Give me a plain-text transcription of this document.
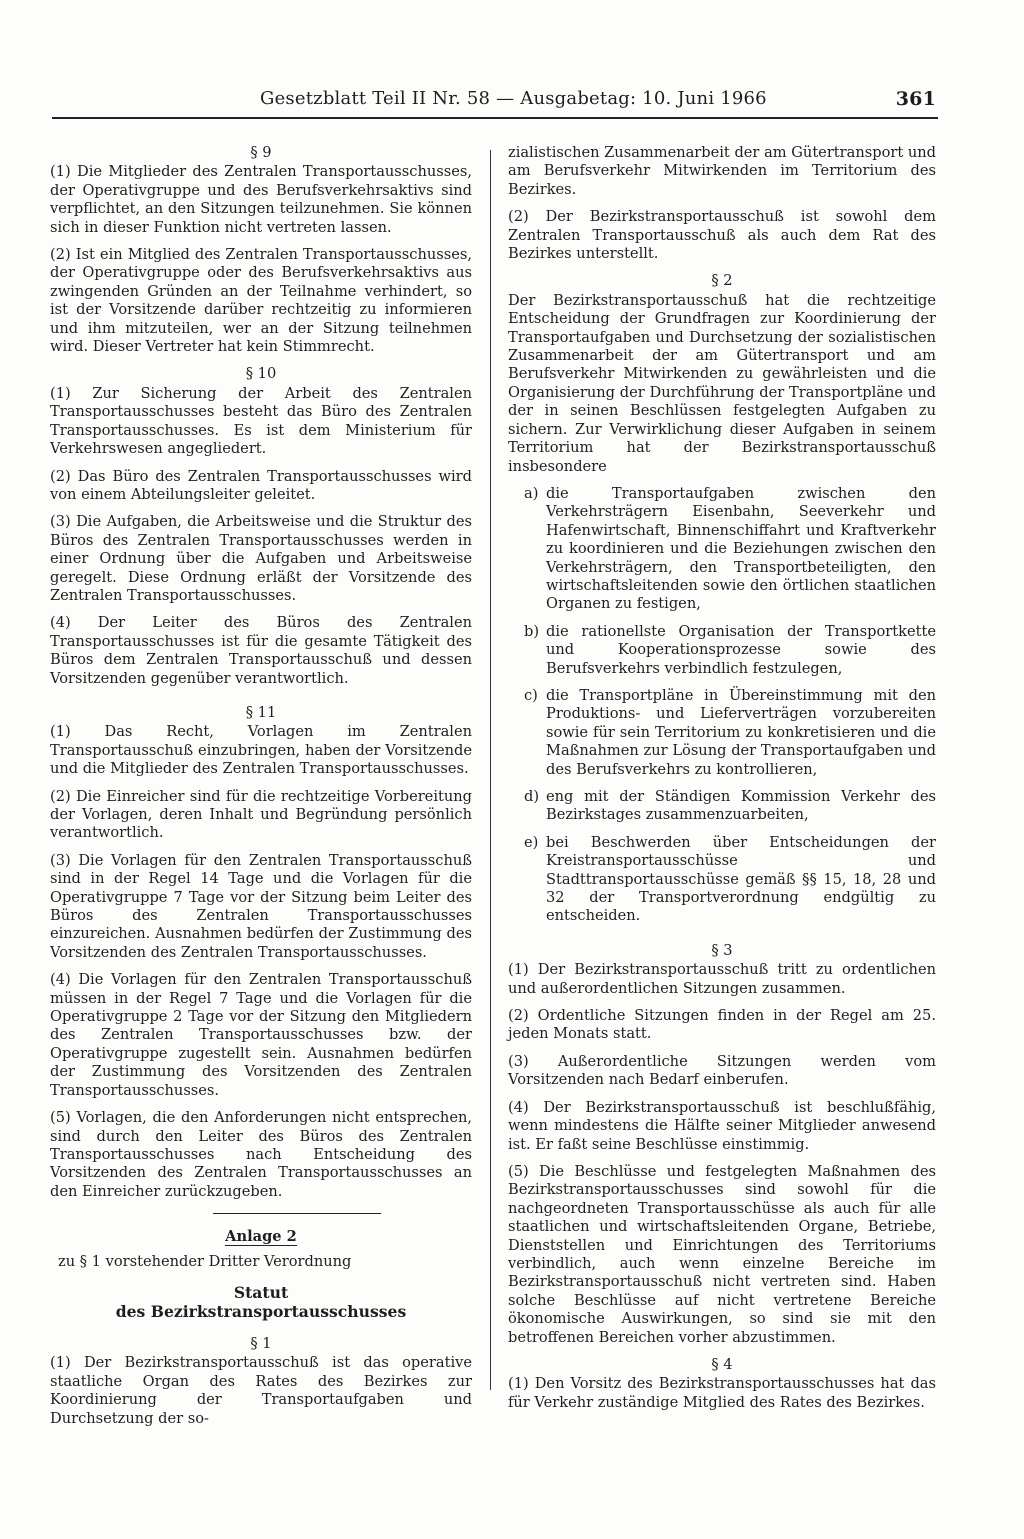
Gesetzblatt Teil II Nr. 58 — Ausgabetag: 10. Juni 1966	361
§ 9

(1) Die Mitglieder des Zentralen Transportausschusses, der Operativgruppe und des Berufsverkehrsaktivs sind verpflichtet, an den Sitzungen teilzunehmen. Sie können sich in dieser Funktion nicht vertreten lassen.

(2) Ist ein Mitglied des Zentralen Transportausschusses, der Operativgruppe oder des Berufsverkehrsaktivs aus zwingenden Gründen an der Teilnahme verhindert, so ist der Vorsitzende darüber rechtzeitig zu informieren und ihm mitzuteilen, wer an der Sitzung teilnehmen wird. Dieser Vertreter hat kein Stimmrecht.

§ 10

(1) Zur Sicherung der Arbeit des Zentralen Transportausschusses besteht das Büro des Zentralen Transportausschusses. Es ist dem Ministerium für Verkehrswesen angegliedert.

(2) Das Büro des Zentralen Transportausschusses wird von einem Abteilungsleiter geleitet.

(3) Die Aufgaben, die Arbeitsweise und die Struktur des Büros des Zentralen Transportausschusses werden in einer Ordnung über die Aufgaben und Arbeitsweise geregelt. Diese Ordnung erläßt der Vorsitzende des Zentralen Transportausschusses.

(4) Der Leiter des Büros des Zentralen Transportausschusses ist für die gesamte Tätigkeit des Büros dem Zentralen Transportausschuß und dessen Vorsitzenden gegenüber verantwortlich.

§ 11

(1) Das Recht, Vorlagen im Zentralen Transportausschuß einzubringen, haben der Vorsitzende und die Mitglieder des Zentralen Transportausschusses.

(2) Die Einreicher sind für die rechtzeitige Vorbereitung der Vorlagen, deren Inhalt und Begründung persönlich verantwortlich.

(3) Die Vorlagen für den Zentralen Transportausschuß sind in der Regel 14 Tage und die Vorlagen für die Operativgruppe 7 Tage vor der Sitzung beim Leiter des Büros des Zentralen Transportausschusses einzureichen. Ausnahmen bedürfen der Zustimmung des Vorsitzenden des Zentralen Transportausschusses.

(4) Die Vorlagen für den Zentralen Transportausschuß müssen in der Regel 7 Tage und die Vorlagen für die Operativgruppe 2 Tage vor der Sitzung den Mitgliedern des Zentralen Transportausschusses bzw. der Operativgruppe zugestellt sein. Ausnahmen bedürfen der Zustimmung des Vorsitzenden des Zentralen Transportausschusses.

(5) Vorlagen, die den Anforderungen nicht entsprechen, sind durch den Leiter des Büros des Zentralen Transportausschusses nach Entscheidung des Vorsitzenden des Zentralen Transportausschusses an den Einreicher zurückzugeben.

Anlage 2

zu § 1 vorstehender Dritter Verordnung

Statut
des Bezirkstransportausschusses
§ 1

(1) Der Bezirkstransportausschuß ist das operative staatliche Organ des Rates des Bezirkes zur Koordinierung der Transportaufgaben und Durchsetzung der so-

zialistischen Zusammenarbeit der am Gütertransport und am Berufsverkehr Mitwirkenden im Territorium des Bezirkes.

(2) Der Bezirkstransportausschuß ist sowohl dem Zentralen Transportausschuß als auch dem Rat des Bezirkes unterstellt.

§ 2

Der Bezirkstransportausschuß hat die rechtzeitige Entscheidung der Grundfragen zur Koordinierung der Transportaufgaben und Durchsetzung der sozialistischen Zusammenarbeit der am Gütertransport und am Berufsverkehr Mitwirkenden zu gewährleisten und die Organisierung der Durchführung der Transportpläne und der in seinen Beschlüssen festgelegten Aufgaben zu sichern. Zur Verwirklichung dieser Aufgaben in seinem Territorium hat der Bezirkstransportausschuß insbesondere

a) die Transportaufgaben zwischen den Verkehrsträgern Eisenbahn, Seeverkehr und Hafenwirtschaft, Binnenschiffahrt und Kraftverkehr zu koordinieren und die Beziehungen zwischen den Verkehrsträgern, den Transportbeteiligten, den wirtschaftsleitenden sowie den örtlichen staatlichen Organen zu festigen,
b) die rationellste Organisation der Transportkette und Kooperationsprozesse sowie des Berufsverkehrs verbindlich festzulegen,
c) die Transportpläne in Übereinstimmung mit den Produktions- und Lieferverträgen vorzubereiten sowie für sein Territorium zu konkretisieren und die Maßnahmen zur Lösung der Transportaufgaben und des Berufsverkehrs zu kontrollieren,
d) eng mit der Ständigen Kommission Verkehr des Bezirkstages zusammenzuarbeiten,
e) bei Beschwerden über Entscheidungen der Kreistransportausschüsse und Stadttransportausschüsse gemäß §§ 15, 18, 28 und 32 der Transportverordnung endgültig zu entscheiden.
§ 3

(1) Der Bezirkstransportausschuß tritt zu ordentlichen und außerordentlichen Sitzungen zusammen.

(2) Ordentliche Sitzungen finden in der Regel am 25. jeden Monats statt.

(3) Außerordentliche Sitzungen werden vom Vorsitzenden nach Bedarf einberufen.

(4) Der Bezirkstransportausschuß ist beschlußfähig, wenn mindestens die Hälfte seiner Mitglieder anwesend ist. Er faßt seine Beschlüsse einstimmig.

(5) Die Beschlüsse und festgelegten Maßnahmen des Bezirkstransportausschusses sind sowohl für die nachgeordneten Transportausschüsse als auch für alle staatlichen und wirtschaftsleitenden Organe, Betriebe, Dienststellen und Einrichtungen des Territoriums verbindlich, auch wenn einzelne Bereiche im Bezirkstransportausschuß nicht vertreten sind. Haben solche Beschlüsse auf nicht vertretene Bereiche ökonomische Auswirkungen, so sind sie mit den betroffenen Bereichen vorher abzustimmen.

§ 4

(1) Den Vorsitz des Bezirkstransportausschusses hat das für Verkehr zuständige Mitglied des Rates des Bezirkes.
